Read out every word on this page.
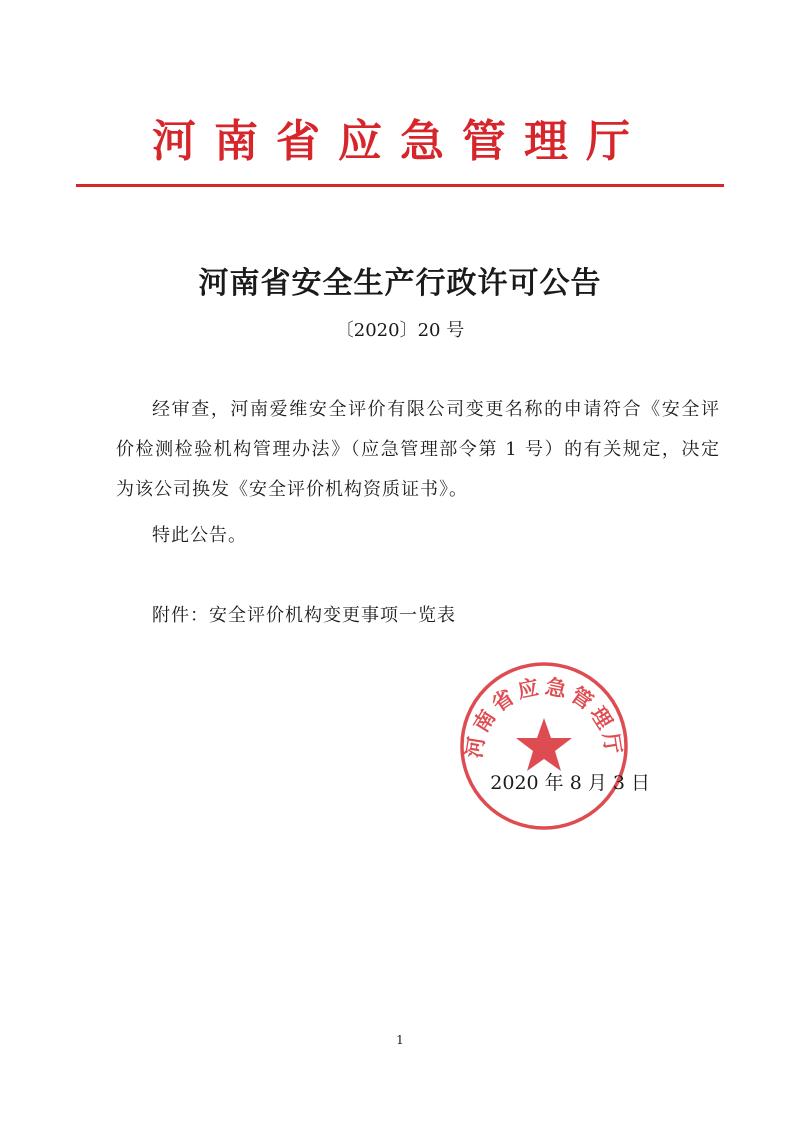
河南省应急管理厅
河南省安全生产行政许可公告
〔2020〕20 号

经审查，河南爱维安全评价有限公司变更名称的申请符合《安全评价检测检验机构管理办法》（应急管理部令第 1 号）的有关规定，决定为该公司换发《安全评价机构资质证书》。

特此公告。
附件：安全评价机构变更事项一览表
河南省应急管理厅
2020 年 8 月 3 日
1
